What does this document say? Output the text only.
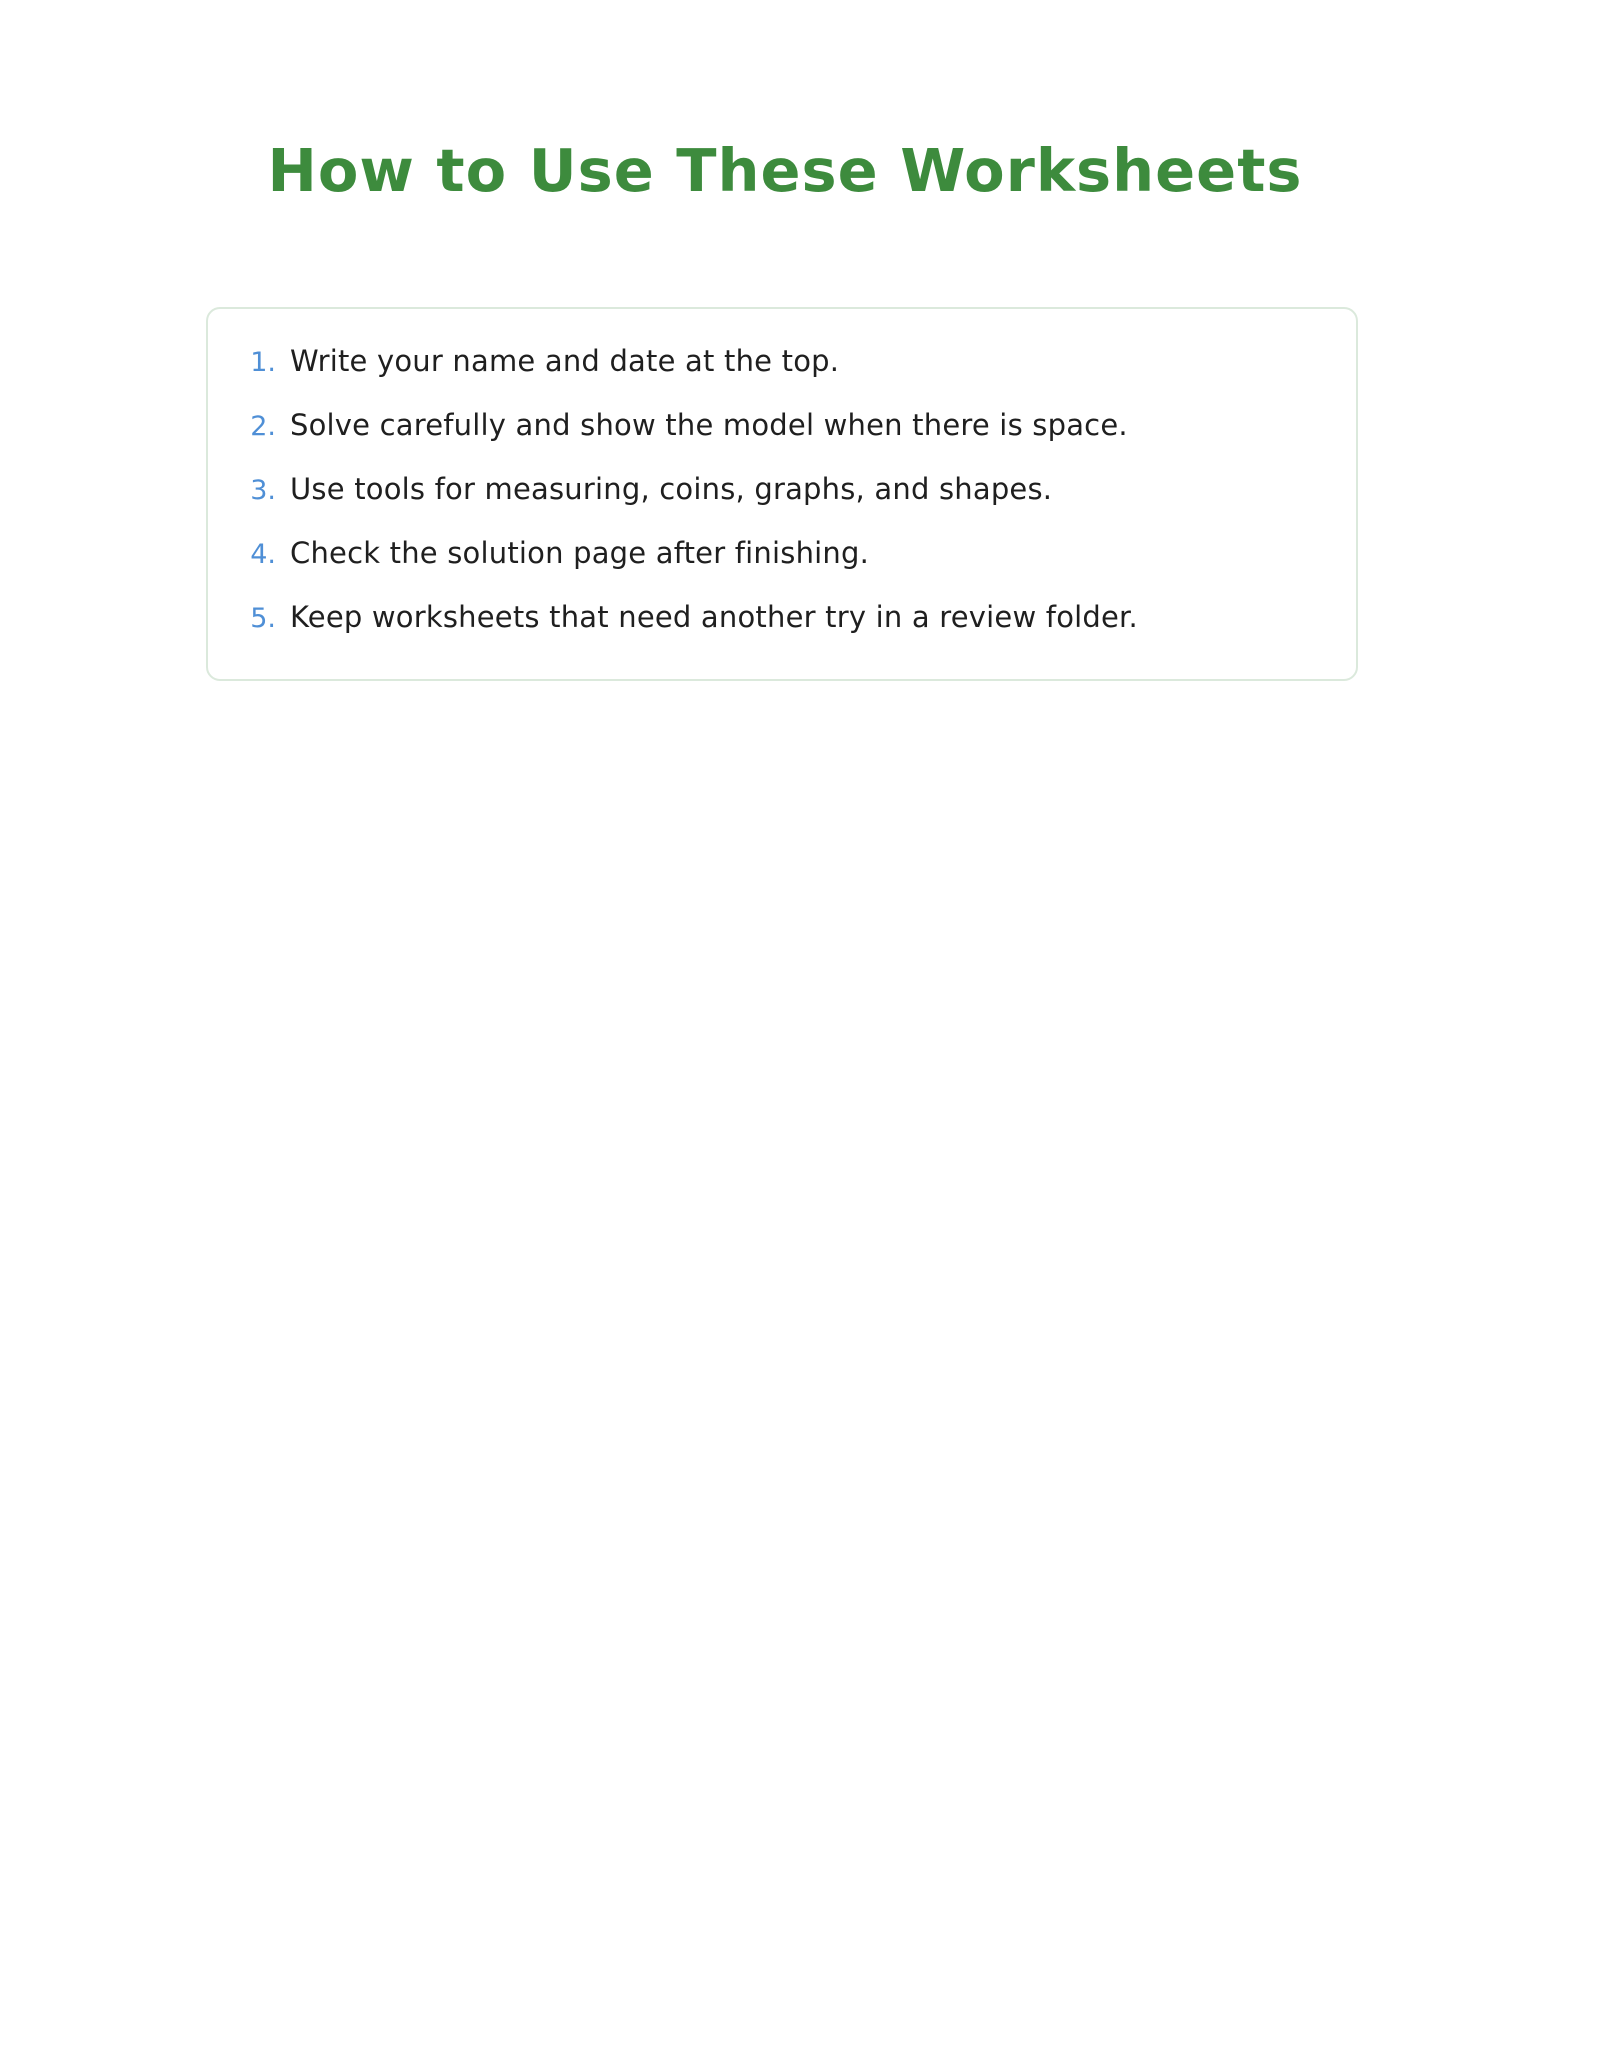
How to Use These Worksheets
1. Write your name and date at the top.
2. Solve carefully and show the model when there is space.
3. Use tools for measuring, coins, graphs, and shapes.
4. Check the solution page after finishing.
5. Keep worksheets that need another try in a review folder.
